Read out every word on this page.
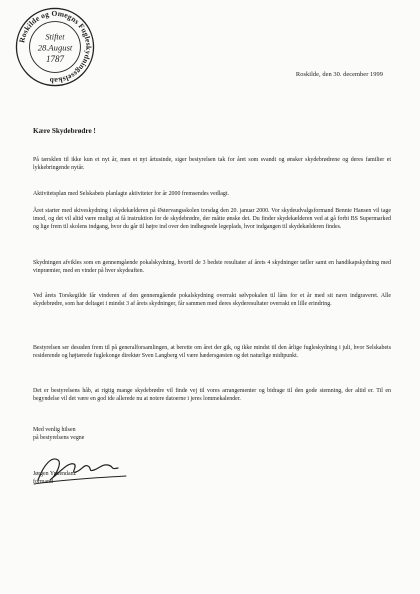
Roskilde og Omegns Fugleskydningsselskab
Stiftet
28.August
1787
Roskilde, den 30. december 1999
Kære Skydebrødre !

På tærsklen til ikke kun et nyt år, men et nyt årtusinde, siger bestyrelsen tak for året som svandt og ønsker skydebrødrene og deres familier et lykkebringende nytår.

Aktivitetsplan med Selskabets planlagte aktiviteter for år 2000 fremsendes vedlagt.

Året starter med skiveskydning i skydekælderen på Østervangsskolen torsdag den 20. januar 2000. Vor skydeudvalgsformand Bennie Hansen vil tage imod, og det vil altid være muligt at få instruktion for de skydebrødre, der måtte ønske det. Du finder skydekælderen ved at gå forbi BS Supermarked og lige frem til skolens indgang, hvor du går til højre ind over den indhegnede legeplads, hvor indgangen til skydekælderen findes.

Skydningen afvikles som en gennemgående pokalskydning, hvortil de 3 bedste resultater af årets 4 skydninger tæller samt en handikapskydning med vinpræmier, med en vinder på hver skydeaften.

Ved årets Torskegilde får vinderen af den gennemgående pokalskydning overrakt sølvpokalen til låns for et år med sit navn indgraveret. Alle skydebrødre, som har deltaget i mindst 3 af årets skydninger, får sammen med deres skyderesultater overrakt en lille erindring.

Bestyrelsen ser desuden frem til på generalforsamlingen, at berette om året der gik, og ikke mindst til den årlige fugleskydning i juli, hvor Selskabets residerende og højtærede fuglekonge direktør Sven Langberg vil være hædersgæsten og det naturlige midtpunkt.

Det er bestyrelsens håb, at rigtig mange skydebrødre vil finde vej til vores arrangementer og bidrage til den gode stemning, der altid er. Til en begyndelse vil det være en god ide allerede nu at notere datoerne i jeres lommekalender.

Med venlig hilsen
på bestyrelsens vegne
Jørgen Ypkendanz
formand
